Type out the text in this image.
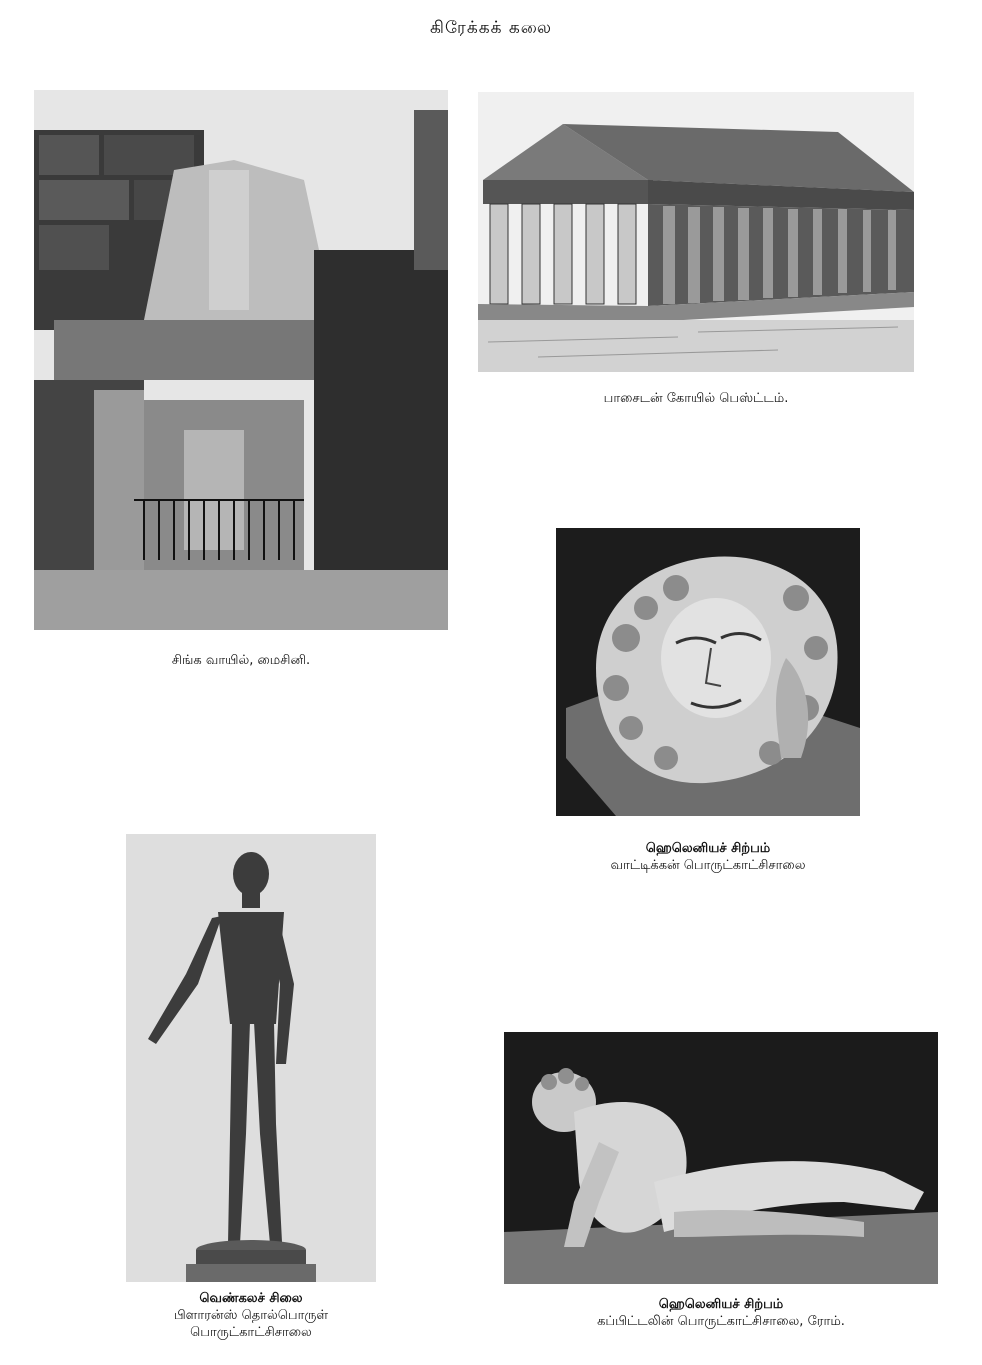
கிரேக்கக் கலை
சிங்க வாயில், மைசினி.
பாசைடன் கோயில் பெஸ்ட்டம்.
ஹெலெனியச் சிற்பம்
வாட்டிக்கன் பொருட்காட்சிசாலை
வெண்கலச் சிலை
பிளாரன்ஸ் தொல்பொருள்
பொருட்காட்சிசாலை
ஹெலெனியச் சிற்பம்
கப்பிட்டலின் பொருட்காட்சிசாலை, ரோம்.
